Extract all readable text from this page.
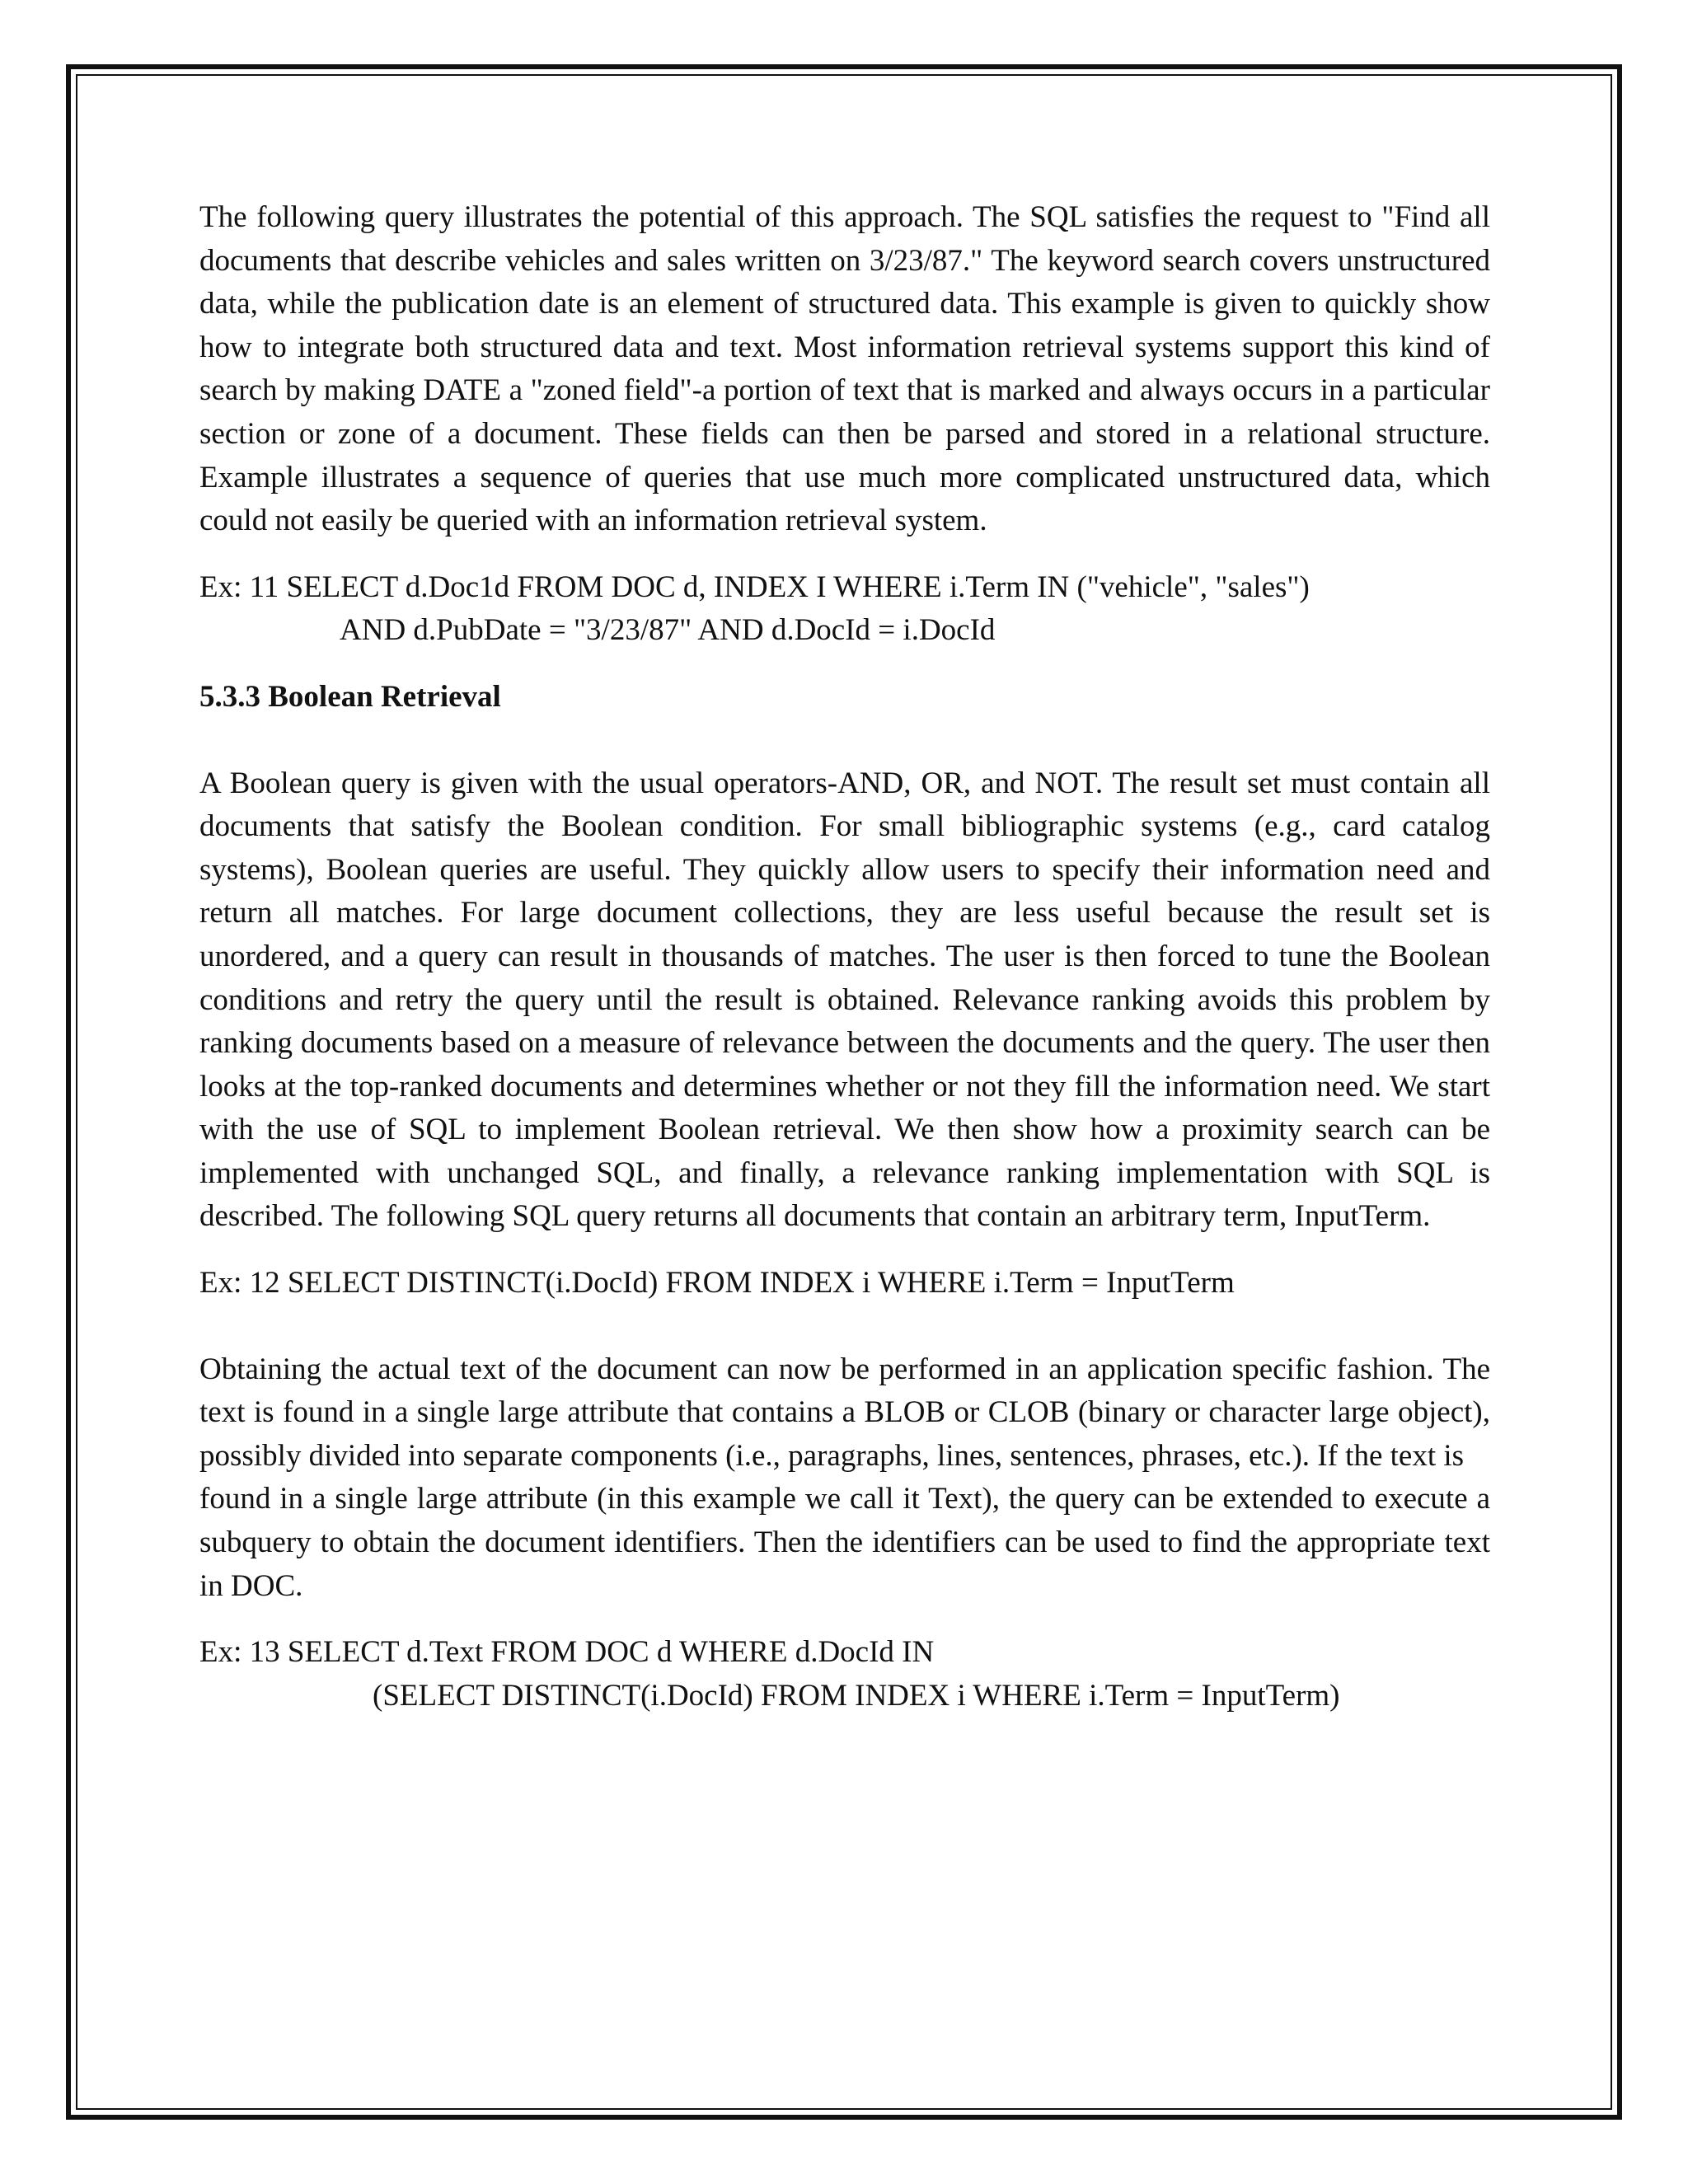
The following query illustrates the potential of this approach. The SQL satisfies the request to "Find all documents that describe vehicles and sales written on 3/23/87." The keyword search covers unstructured data, while the publication date is an element of structured data. This example is given to quickly show how to integrate both structured data and text. Most information retrieval systems support this kind of search by making DATE a "zoned field"-a portion of text that is marked and always occurs in a particular section or zone of a document. These fields can then be parsed and stored in a relational structure. Example illustrates a sequence of queries that use much more complicated unstructured data, which could not easily be queried with an information retrieval system.

Ex: 11 SELECT d.Doc1d FROM DOC d, INDEX I WHERE i.Term IN ("vehicle", "sales")

AND d.PubDate = "3/23/87" AND d.DocId = i.DocId

5.3.3 Boolean Retrieval

A Boolean query is given with the usual operators-AND, OR, and NOT. The result set must contain all documents that satisfy the Boolean condition. For small bibliographic systems (e.g., card catalog systems), Boolean queries are useful. They quickly allow users to specify their information need and return all matches. For large document collections, they are less useful because the result set is unordered, and a query can result in thousands of matches. The user is then forced to tune the Boolean conditions and retry the query until the result is obtained. Relevance ranking avoids this problem by ranking documents based on a measure of relevance between the documents and the query. The user then looks at the top-ranked documents and determines whether or not they fill the information need. We start with the use of SQL to implement Boolean retrieval. We then show how a proximity search can be implemented with unchanged SQL, and finally, a relevance ranking implementation with SQL is described. The following SQL query returns all documents that contain an arbitrary term, InputTerm.

Ex: 12 SELECT DISTINCT(i.DocId) FROM INDEX i WHERE i.Term = InputTerm

Obtaining the actual text of the document can now be performed in an application specific fashion. The text is found in a single large attribute that contains a BLOB or CLOB (binary or character large object), possibly divided into separate components (i.e., paragraphs, lines, sentences, phrases, etc.). If the text is

found in a single large attribute (in this example we call it Text), the query can be extended to execute a subquery to obtain the document identifiers. Then the identifiers can be used to find the appropriate text in DOC.

Ex: 13 SELECT d.Text FROM DOC d WHERE d.DocId IN

(SELECT DISTINCT(i.DocId) FROM INDEX i WHERE i.Term = InputTerm)
